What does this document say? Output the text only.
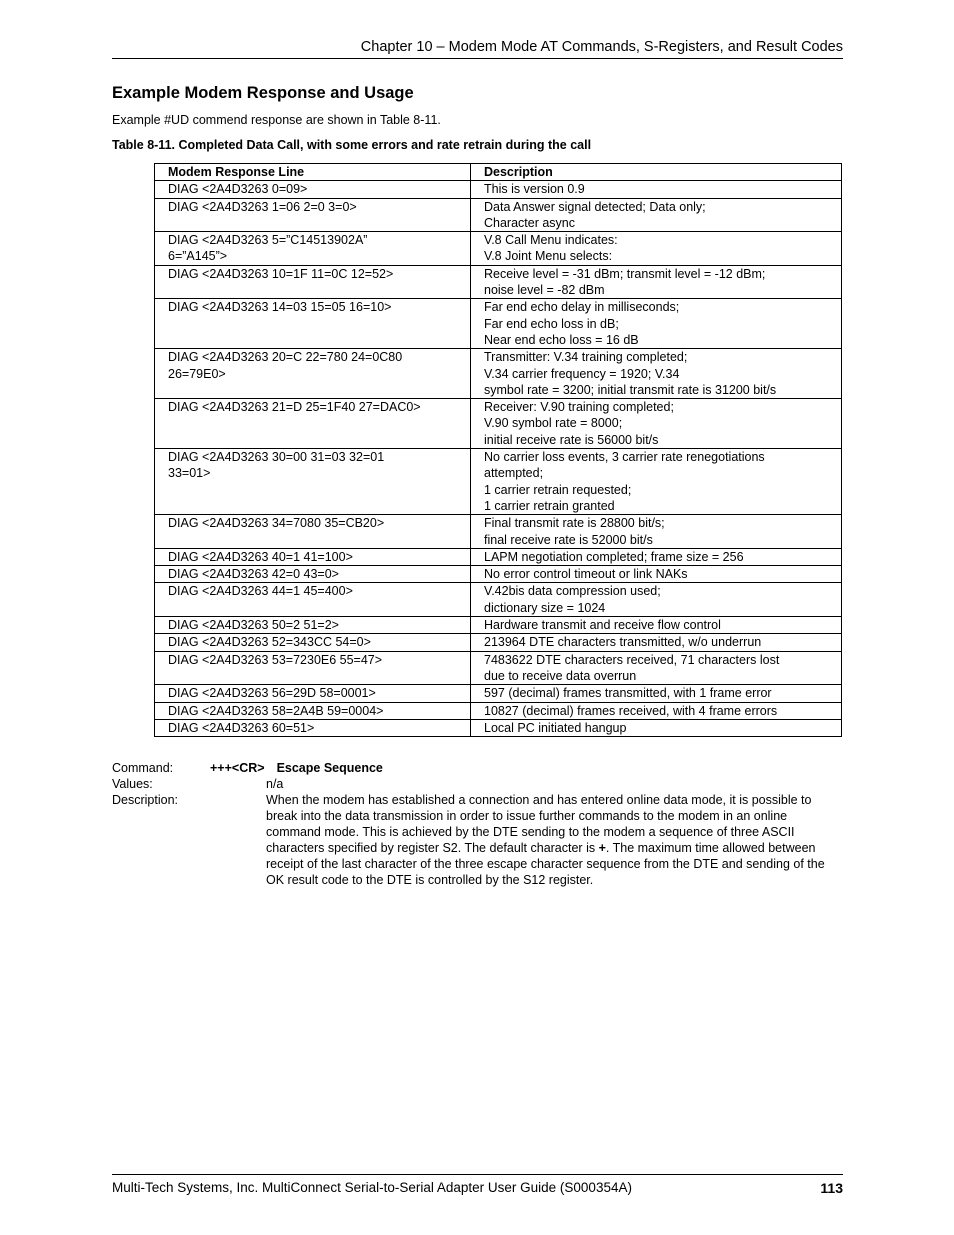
Chapter 10 – Modem Mode AT Commands, S-Registers, and Result Codes
Example Modem Response and Usage
Example #UD commend response are shown in Table 8-11.
Table 8-11. Completed Data Call, with some errors and rate retrain during the call
Modem Response Line	Description
DIAG <2A4D3263 0=09>	This is version 0.9
DIAG <2A4D3263 1=06 2=0 3=0>	Data Answer signal detected; Data only;
Character async
DIAG <2A4D3263 5=”C14513902A”
6=”A145”>	V.8 Call Menu indicates:
V.8 Joint Menu selects:
DIAG <2A4D3263 10=1F 11=0C 12=52>	Receive level = -31 dBm; transmit level = -12 dBm;
noise level = -82 dBm
DIAG <2A4D3263 14=03 15=05 16=10>	Far end echo delay in milliseconds;
Far end echo loss in dB;
Near end echo loss = 16 dB
DIAG <2A4D3263 20=C 22=780 24=0C80
26=79E0>	Transmitter: V.34 training completed;
V.34 carrier frequency = 1920; V.34
symbol rate = 3200; initial transmit rate is 31200 bit/s
DIAG <2A4D3263 21=D 25=1F40 27=DAC0>	Receiver: V.90 training completed;
V.90 symbol rate = 8000;
initial receive rate is 56000 bit/s
DIAG <2A4D3263 30=00 31=03 32=01
33=01>	No carrier loss events, 3 carrier rate renegotiations
attempted;
1 carrier retrain requested;
1 carrier retrain granted
DIAG <2A4D3263 34=7080 35=CB20>	Final transmit rate is 28800 bit/s;
final receive rate is 52000 bit/s
DIAG <2A4D3263 40=1 41=100>	LAPM negotiation completed; frame size = 256
DIAG <2A4D3263 42=0 43=0>	No error control timeout or link NAKs
DIAG <2A4D3263 44=1 45=400>	V.42bis data compression used;
dictionary size = 1024
DIAG <2A4D3263 50=2 51=2>	Hardware transmit and receive flow control
DIAG <2A4D3263 52=343CC 54=0>	213964 DTE characters transmitted, w/o underrun
DIAG <2A4D3263 53=7230E6 55=47>	7483622 DTE characters received, 71 characters lost
due to receive data overrun
DIAG <2A4D3263 56=29D 58=0001>	597 (decimal) frames transmitted, with 1 frame error
DIAG <2A4D3263 58=2A4B 59=0004>	10827 (decimal) frames received, with 4 frame errors
DIAG <2A4D3263 60=51>	Local PC initiated hangup
Command:	+++<CR> Escape Sequence
Values:	n/a
Description:	When the modem has established a connection and has entered online data mode, it is possible to break into the data transmission in order to issue further commands to the modem in an online command mode. This is achieved by the DTE sending to the modem a sequence of three ASCII characters specified by register S2. The default character is +. The maximum time allowed between receipt of the last character of the three escape character sequence from the DTE and sending of the OK result code to the DTE is controlled by the S12 register.
Multi-Tech Systems, Inc. MultiConnect Serial-to-Serial Adapter User Guide (S000354A)	113
